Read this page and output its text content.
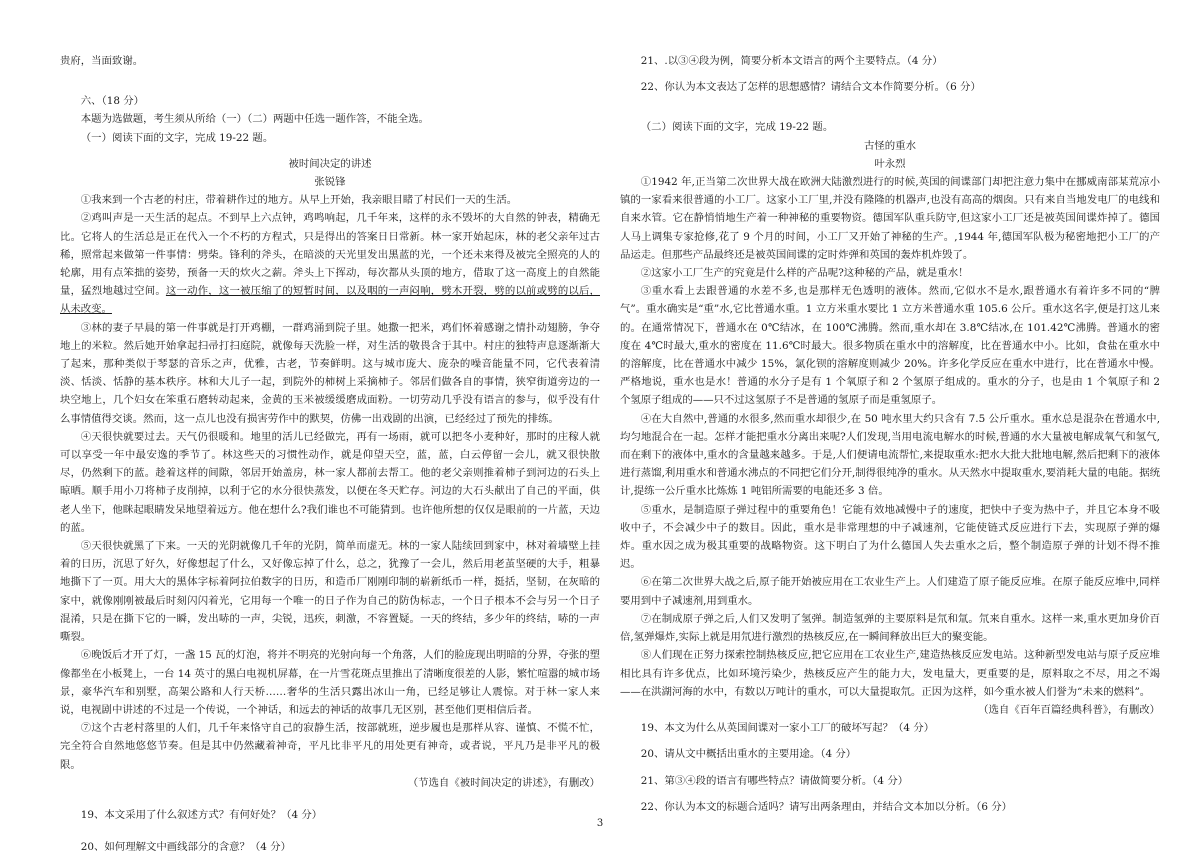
贵府，当面致谢。

六、（18 分）

本题为选做题，考生须从所给（一）（二）两题中任选一题作答，不能全选。

（一）阅读下面的文字，完成 19-22 题。

被时间决定的讲述

张锐锋

①我来到一个古老的村庄，带着耕作过的地方。从早上开始，我亲眼目睹了村民们一天的生活。

②鸡叫声是一天生活的起点。不到早上六点钟，鸡鸣响起，几千年来，这样的永不毁坏的大自然的钟表，精确无比。它将人的生活总是正在代入一个不朽的方程式，只是得出的答案日日常新。林一家开始起床，林的老父亲年过古稀，照常起来做第一件事情：劈柴。锋利的斧头，在暗淡的天光里发出黑蓝的光，一个还未来得及被完全照亮的人的轮廓，用有点笨拙的姿势，预备一天的炊火之薪。斧头上下挥动，每次都从头顶的地方，借取了这一高度上的自然能量，猛烈地越过空间。这一动作，这一被压缩了的短暂时间，以及咽的一声闷响，劈木开裂，劈的以前或劈的以后，从未改变。

③林的妻子早晨的第一件事就是打开鸡棚，一群鸡涌到院子里。她撒一把米，鸡们怀着感谢之情扑动翅膀，争夺地上的米粒。然后她开始拿起扫帚打扫庭院，就像每天洗脸一样，对生活的敬畏含于其中。村庄的独特声息逐渐渐大了起来，那种类似于琴瑟的音乐之声，优雅，古老，节奏鲜明。这与城市庞大、庞杂的噪音能量不同，它代表着清淡、恬淡、恬静的基本秩序。林和大儿子一起，到院外的柿树上采摘柿子。邻居们做各自的事情，狭窄街道旁边的一块空地上，几个妇女在笨重石磨转动起来，金黄的玉米被缓缓磨成面粉。一切劳动几乎没有语言的参与，似乎没有什么事情值得交谈。然而，这一点儿也没有损害劳作中的默契，仿佛一出戏剧的出演，已经经过了预先的排练。

④天很快就要过去。天气仍很暖和。地里的活儿已经做完，再有一场雨，就可以把冬小麦种好，那时的庄稼人就可以享受一年中最安逸的季节了。林这些天的习惯性动作，就是仰望天空，蓝，蓝，白云停留一会儿，就又很快散尽，仍然剩下的蓝。趁着这样的间隙，邻居开始盖房，林一家人都前去帮工。他的老父亲则推着柿子到河边的石头上晾晒。顺手用小刀将柿子皮削掉，以利于它的水分很快蒸发，以便在冬天贮存。河边的大石头献出了自己的平面，供老人坐下，他眯起眼睛发呆地望着远方。他在想什么?我们谁也不可能猜到。也许他所想的仅仅是眼前的一片蓝，天边的蓝。

⑤天很快就黑了下来。一天的光阴就像几千年的光阴，简单而虚无。林的一家人陆续回到家中，林对着墙壁上挂着的日历，沉思了好久，好像想起了什么，又好像忘掉了什么，总之，犹豫了一会儿，然后用老茧坚硬的大手，粗暴地撕下了一页。用大大的黑体字标着阿拉伯数字的日历，和造币厂刚刚印制的崭新纸币一样，挺括，坚韧，在灰暗的家中，就像刚刚被最后时刻闪闪着光，它用每一个唯一的日子作为自己的防伪标志，一个日子根本不会与另一个日子混淆，只是在撕下它的一瞬，发出哧的一声，尖锐，迅疾，刺激，不容置疑。一天的终结，多少年的终结，哧的一声嘶裂。

⑥晚饭后才开了灯，一盏 15 瓦的灯泡，将并不明亮的光射向每一个角落，人们的脸庞现出明暗的分界，夺张的塑像都坐在小板凳上，一台 14 英寸的黑白电视机屏幕，在一片雪花斑点里推出了清晰度很差的人影，繁忙喧嚣的城市场景，豪华汽车和别墅，高架公路和人行天桥……奢华的生活只露出冰山一角，已经足够让人震惊。对于林一家人来说，电视剧中讲述的不过是一个传说，一个神话，和远去的神话的故事几无区别，甚至他们更相信后者。

⑦这个古老村落里的人们，几千年来恪守自己的寂静生活，按部就班，逆步履也是那样从容、谨慎、不慌不忙，完全符合自然地悠悠节奏。但是其中仍然藏着神奇，平凡比非平凡的用处更有神奇，或者说，平凡乃是非平凡的极限。

（节选自《被时间决定的讲述》，有删改）

19、本文采用了什么叙述方式？有何好处？（4 分）

20、如何理解文中画线部分的含意？（4 分）

21、.以③④段为例，简要分析本文语言的两个主要特点。（4 分）

22、你认为本文表达了怎样的思想感情？请结合文本作简要分析。（6 分）

（二）阅读下面的文字，完成 19-22 题。

古怪的重水

叶永烈

①1942 年,正当第二次世界大战在欧洲大陆激烈进行的时候,英国的间谍部门却把注意力集中在挪威南部某荒凉小镇的一家看来很普通的小工厂。这家小工厂里,并没有隆隆的机器声,也没有高高的烟囱。只有来自当地发电厂的电线和自来水管。它在静悄悄地生产着一种神秘的重要物资。德国军队重兵防守,但这家小工厂还是被英国间谍炸掉了。德国人马上调集专家抢修,花了 9 个月的时间，小工厂又开始了神秘的生产。,1944 年,德国军队极为秘密地把小工厂的产品运走。但那些产品最终还是被英国间谍的定时炸弹和英国的轰炸机炸毁了。

②这家小工厂生产的究竟是什么样的产品呢?这种秘的产品，就是重水！

③重水看上去跟普通的水差不多,也是那样无色透明的液体。然而,它似水不是水,跟普通水有着许多不同的“脾气”。重水确实是“重”水,它比普通水重。1 立方米重水要比 1 立方米普通水重 105.6 公斤。重水这名字,便是打这儿来的。在通常情况下，普通水在 0℃结冰，在 100℃沸腾。然而,重水却在 3.8℃结冰,在 101.42℃沸腾。普通水的密度在 4℃时最大,重水的密度在 11.6℃时最大。很多物质在重水中的溶解度，比在普通水中小。比如，食盐在重水中的溶解度，比在普通水中减少 15%，氯化钡的溶解度则减少 20%。许多化学反应在重水中进行，比在普通水中慢。严格地说，重水也是水！普通的水分子是有 1 个氧原子和 2 个氢原子组成的。重水的分子，也是由 1 个氧原子和 2 个氢原子组成的——只不过这氢原子不是普通的氢原子而是重氢原子。

④在大自然中,普通的水很多,然而重水却很少,在 50 吨水里大约只含有 7.5 公斤重水。重水总是混杂在普通水中,均匀地混合在一起。怎样才能把重水分离出来呢?人们发现,当用电流电解水的时候,普通的水大量被电解成氧气和氢气,而在剩下的液体中,重水的含量越来越多。于是,人们便请电流帮忙,来提取重水:把水大批大批地电解,然后把剩下的液体进行蒸馏,利用重水和普通水沸点的不同把它们分开,制得很纯净的重水。从天然水中提取重水,要消耗大量的电能。据统计,提练一公斤重水比炼炼 1 吨铝所需要的电能还多 3 倍。

⑤重水，是制造原子弹过程中的重要角色！它能有效地减慢中子的速度，把快中子变为热中子，并且它本身不吸收中子，不会减少中子的数目。因此，重水是非常理想的中子减速剂，它能使链式反应进行下去，实现原子弹的爆炸。重水因之成为极其重要的战略物资。这下明白了为什么德国人失去重水之后，整个制造原子弹的计划不得不推迟。

⑥在第二次世界大战之后,原子能开始被应用在工农业生产上。人们建造了原子能反应堆。在原子能反应堆中,同样要用到中子减速剂,用到重水。

⑦在制成原子弹之后,人们又发明了氢弹。制造氢弹的主要原料是氘和氚。氘来自重水。这样一来,重水更加身价百倍,氢弹爆炸,实际上就是用氘进行激烈的热核反应,在一瞬间释放出巨大的聚变能。

⑧人们现在正努力探索控制热核反应,把它应用在工农业生产,建造热核反应发电站。这种新型发电站与原子反应堆相比具有许多优点，比如环境污染少，热核反应产生的能力大，发电量大，更重要的是，原料取之不尽，用之不竭——在洪湖河海的水中，有数以万吨计的重水，可以大量提取氘。正因为这样，如今重水被人们誉为“未来的燃料”。

（选自《百年百篇经典科普》，有删改）

19、本文为什么从英国间谍对一家小工厂的破坏写起？（4 分）

20、请从文中概括出重水的主要用途。（4 分）

21、第③④段的语言有哪些特点？请做简要分析。（4 分）

22、你认为本文的标题合适吗？请写出两条理由，并结合文本加以分析。（6 分）

3
